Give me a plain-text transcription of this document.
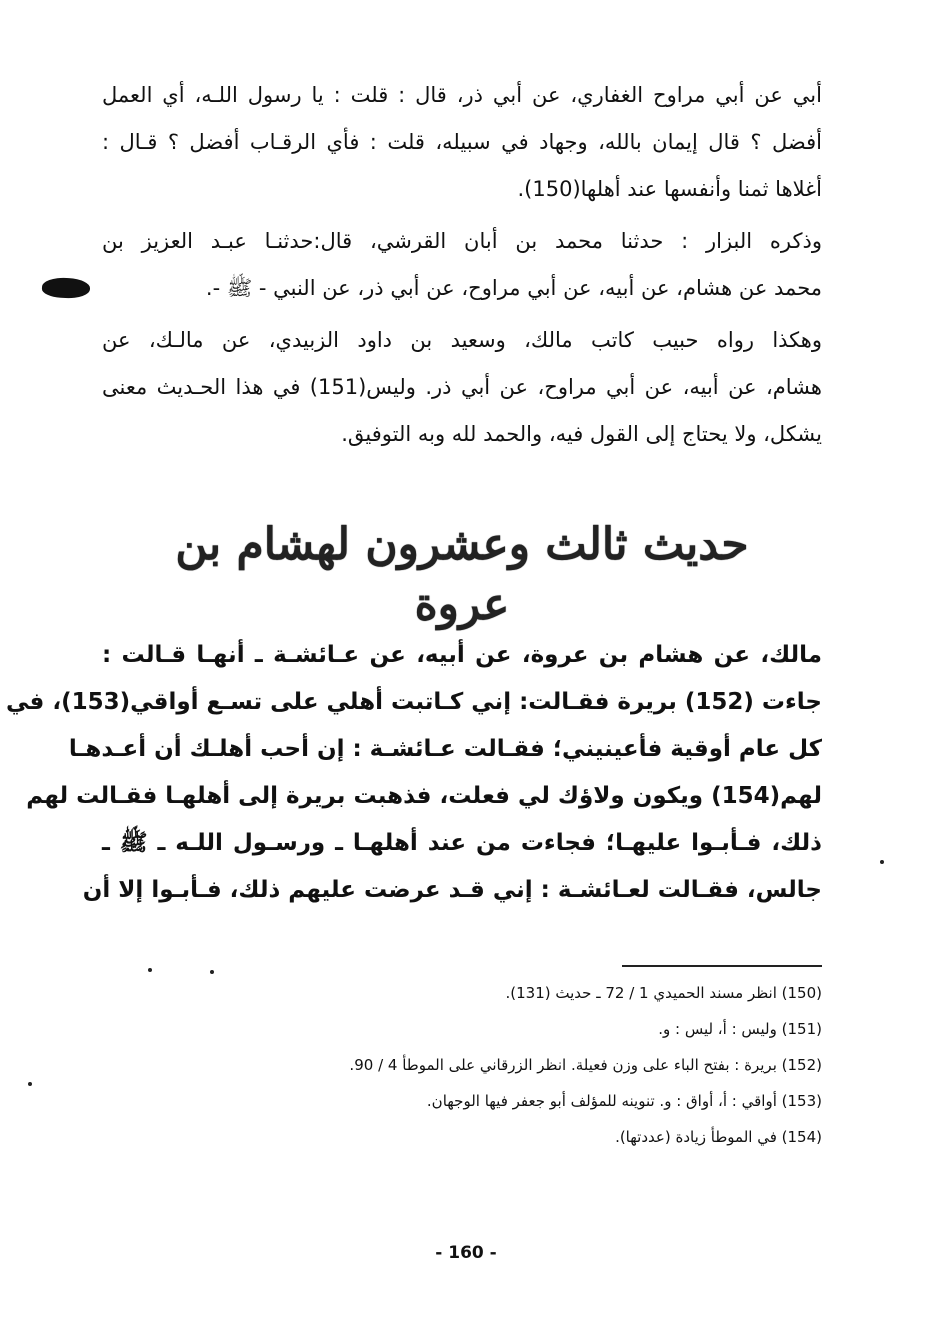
أبي عن أبي مراوح الغفاري، عن أبي ذر، قال : قلت : يا رسول اللـه، أي العمل
أفضل ؟ قال إيمان بالله، وجهاد في سبيله، قلت : فأي الرقـاب أفضل ؟ قـال :
أغلاها ثمنا وأنفسها عند أهلها(150).
وذكره البزار : حدثنا محمد بن أبان القرشي، قال:حدثنـا عبـد العزيز بن
محمد عن هشام، عن أبيه، عن أبي مراوح، عن أبي ذر، عن النبي - ﷺ -.
وهكذا رواه حبيب كاتب مالك، وسعيد بن داود الزبيدي، عن مالـك، عن
هشام، عن أبيه، عن أبي مراوح، عن أبي ذر. وليس(151) في هذا الحـديث معنى
يشكل، ولا يحتاج إلى القول فيه، والحمد لله وبه التوفيق.
حديث ثالث وعشرون لهشام بن عروة
مالك، عن هشام بن عروة، عن أبيه، عن عـائشـة ـ أنهـا قـالت :
جاءت (152) بريرة فقـالت: إني كـاتبت أهلي على تسـع أواقي(153)، في
كل عام أوقية فأعينيني؛ فقـالت عـائشـة : إن أحب أهلـك أن أعـدهـا
لهم(154) ويكون ولاؤك لي فعلت، فذهبت بريرة إلى أهلهـا فقـالت لهم
ذلك، فـأبـوا عليهـا؛ فجاءت من عند أهلهـا ـ ورسـول اللـه ـ ﷺ ـ
جالس، فقـالت لعـائشـة : إني قـد عرضت عليهم ذلك، فـأبـوا إلا أن
(150) انظر مسند الحميدي 1 / 72 ـ حديث (131).
(151) وليس : أ، ليس : و.
(152) بريرة : بفتح الباء على وزن فعيلة. انظر الزرقاني على الموطأ 4 / 90.
(153) أواقي : أ، أواق : و. تنوينه للمؤلف أبو جعفر فيها الوجهان.
(154) في الموطأ زيادة (عددتها).
- 160 -
